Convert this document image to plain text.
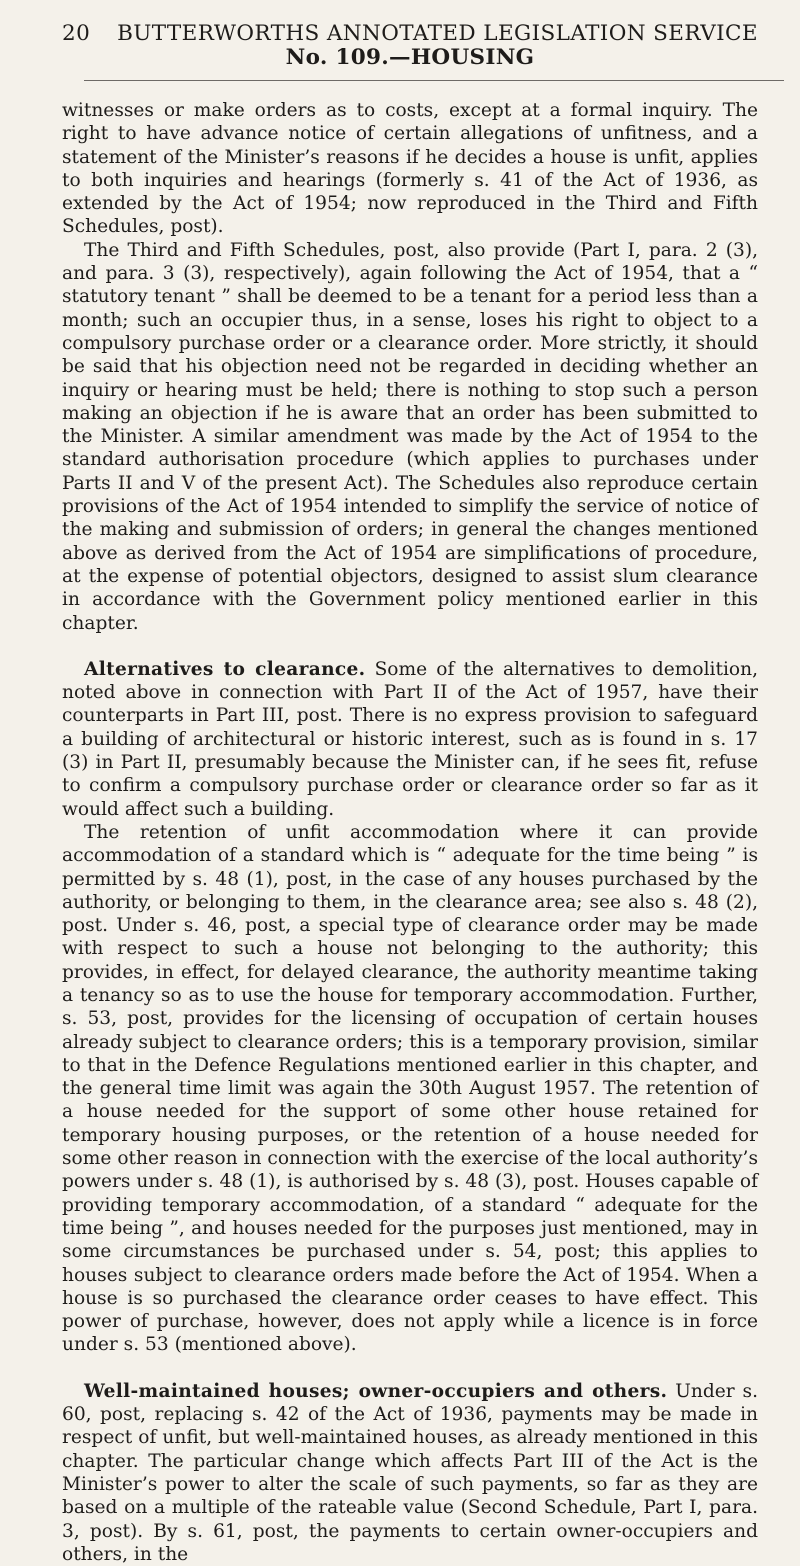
20	BUTTERWORTHS ANNOTATED LEGISLATION SERVICE
No. 109.—HOUSING

witnesses or make orders as to costs, except at a formal inquiry. The right to have advance notice of certain allegations of unfitness, and a statement of the Minister’s reasons if he decides a house is unfit, applies to both inquiries and hearings (formerly s. 41 of the Act of 1936, as extended by the Act of 1954; now reproduced in the Third and Fifth Schedules, post).

The Third and Fifth Schedules, post, also provide (Part I, para. 2 (3), and para. 3 (3), respectively), again following the Act of 1954, that a “ statutory tenant ” shall be deemed to be a tenant for a period less than a month; such an occupier thus, in a sense, loses his right to object to a compulsory purchase order or a clearance order. More strictly, it should be said that his objection need not be regarded in deciding whether an inquiry or hearing must be held; there is nothing to stop such a person making an objection if he is aware that an order has been submitted to the Minister. A similar amendment was made by the Act of 1954 to the standard authorisation procedure (which applies to purchases under Parts II and V of the present Act). The Schedules also reproduce certain provisions of the Act of 1954 intended to simplify the service of notice of the making and submission of orders; in general the changes mentioned above as derived from the Act of 1954 are simplifications of procedure, at the expense of potential objectors, designed to assist slum clearance in accordance with the Government policy mentioned earlier in this chapter.

Alternatives to clearance. Some of the alternatives to demolition, noted above in connection with Part II of the Act of 1957, have their counterparts in Part III, post. There is no express provision to safeguard a building of architectural or historic interest, such as is found in s. 17 (3) in Part II, presumably because the Minister can, if he sees fit, refuse to confirm a compulsory purchase order or clearance order so far as it would affect such a building.

The retention of unfit accommodation where it can provide accommodation of a standard which is “ adequate for the time being ” is permitted by s. 48 (1), post, in the case of any houses purchased by the authority, or belonging to them, in the clearance area; see also s. 48 (2), post. Under s. 46, post, a special type of clearance order may be made with respect to such a house not belonging to the authority; this provides, in effect, for delayed clearance, the authority meantime taking a tenancy so as to use the house for temporary accommodation. Further, s. 53, post, provides for the licensing of occupation of certain houses already subject to clearance orders; this is a temporary provision, similar to that in the Defence Regulations mentioned earlier in this chapter, and the general time limit was again the 30th August 1957. The retention of a house needed for the support of some other house retained for temporary housing purposes, or the retention of a house needed for some other reason in connection with the exercise of the local authority’s powers under s. 48 (1), is authorised by s. 48 (3), post. Houses capable of providing temporary accommodation, of a standard “ adequate for the time being ”, and houses needed for the purposes just mentioned, may in some circumstances be purchased under s. 54, post; this applies to houses subject to clearance orders made before the Act of 1954. When a house is so purchased the clearance order ceases to have effect. This power of purchase, however, does not apply while a licence is in force under s. 53 (mentioned above).

Well-maintained houses; owner-occupiers and others. Under s. 60, post, replacing s. 42 of the Act of 1936, payments may be made in respect of unfit, but well-maintained houses, as already mentioned in this chapter. The particular change which affects Part III of the Act is the Minister’s power to alter the scale of such payments, so far as they are based on a multiple of the rateable value (Second Schedule, Part I, para. 3, post). By s. 61, post, the payments to certain owner-occupiers and others, in the
